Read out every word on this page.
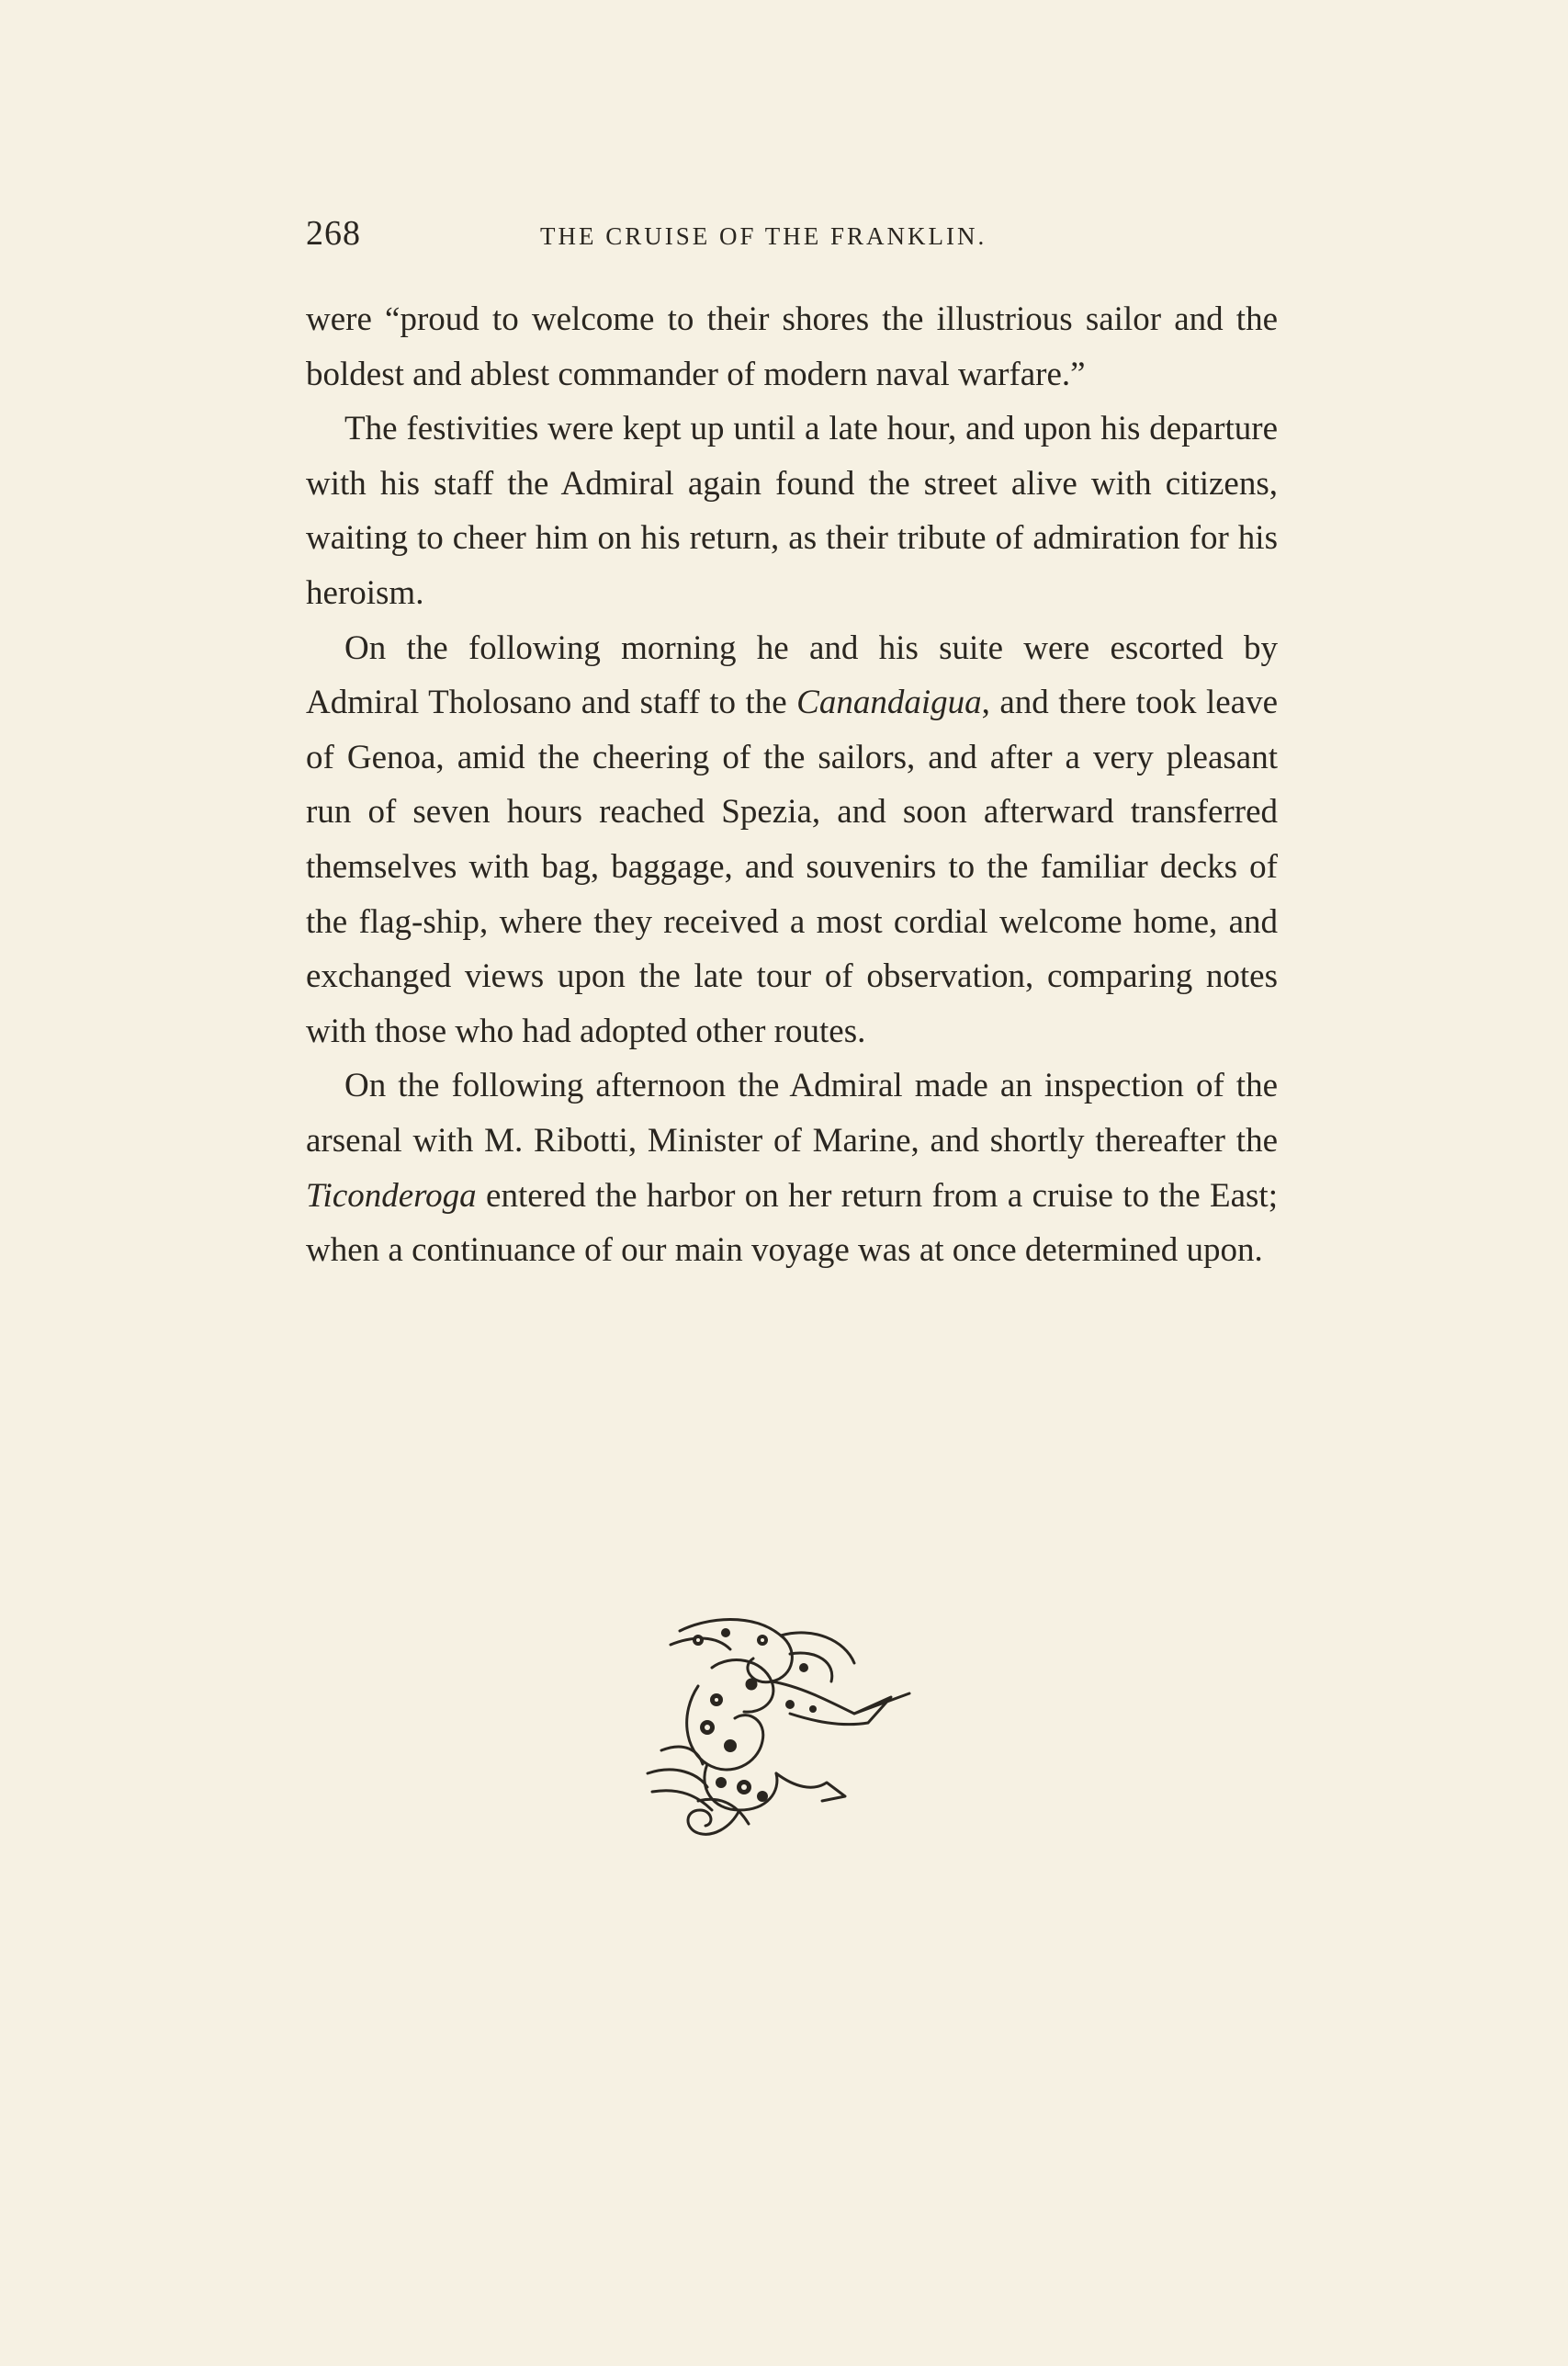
268	THE CRUISE OF THE FRANKLIN.

were “proud to welcome to their shores the illustrious sailor and the boldest and ablest commander of modern naval warfare.”

The festivities were kept up until a late hour, and upon his departure with his staff the Admiral again found the street alive with citizens, waiting to cheer him on his return, as their tribute of admiration for his heroism.

On the following morning he and his suite were escorted by Admiral Tholosano and staff to the Canandaigua, and there took leave of Genoa, amid the cheering of the sailors, and after a very pleasant run of seven hours reached Spezia, and soon afterward transferred themselves with bag, baggage, and souvenirs to the familiar decks of the flag-ship, where they received a most cordial welcome home, and exchanged views upon the late tour of observation, comparing notes with those who had adopted other routes.

On the following afternoon the Admiral made an inspection of the arsenal with M. Ribotti, Minister of Marine, and shortly thereafter the Ticonderoga entered the harbor on her return from a cruise to the East; when a continuance of our main voyage was at once determined upon.
